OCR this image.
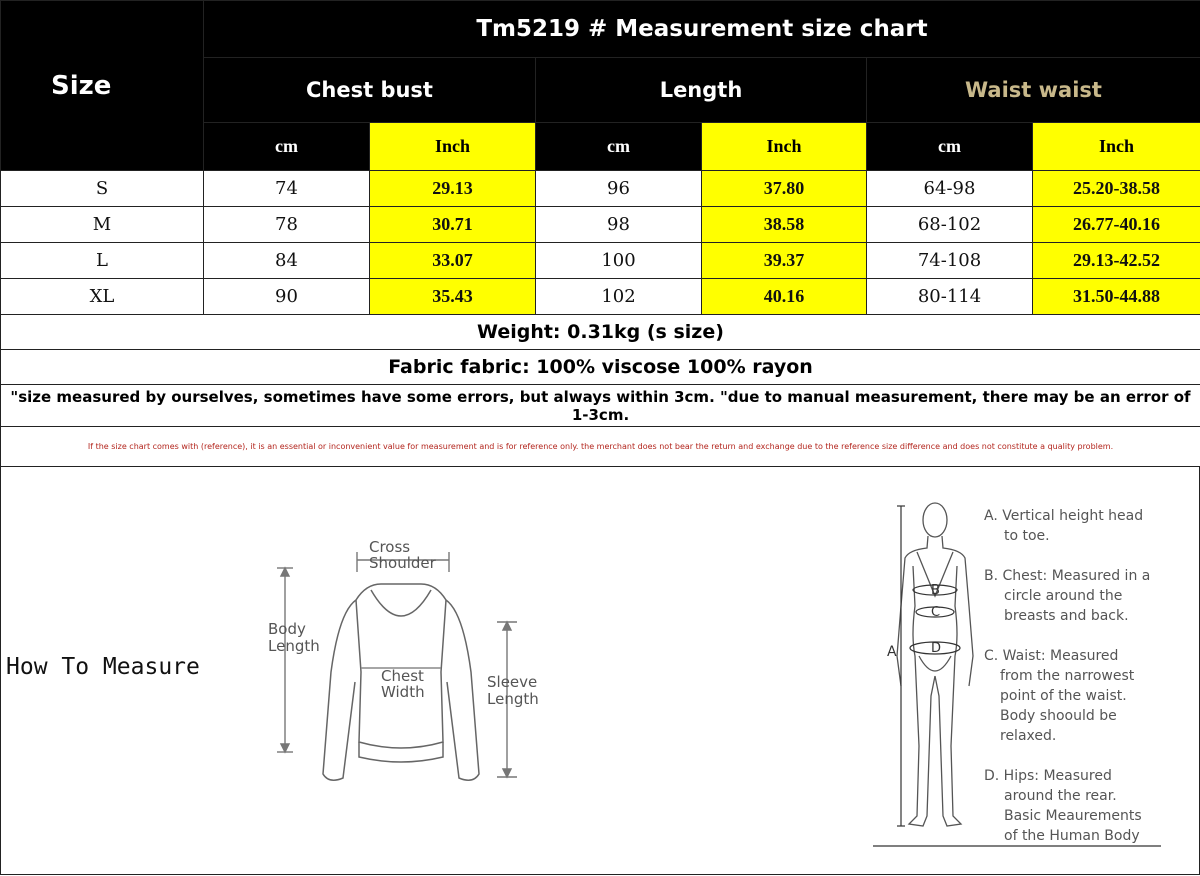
Size	Tm5219 # Measurement size chart					
	Chest bust		Length		Waist waist	
	cm	Inch	cm	Inch	cm	Inch
S	74	29.13	96	37.80	64-98	25.20-38.58
M	78	30.71	98	38.58	68-102	26.77-40.16
L	84	33.07	100	39.37	74-108	29.13-42.52
XL	90	35.43	102	40.16	80-114	31.50-44.88
Weight: 0.31kg (s size)						
Fabric fabric: 100% viscose 100% rayon						
"size measured by ourselves, sometimes have some errors, but always within 3cm. "due to manual measurement, there may be an error of 1-3cm.						
If the size chart comes with (reference), it is an essential or inconvenient value for measurement and is for reference only. the merchant does not bear the return and exchange due to the reference size difference and does not constitute a quality problem.						
How To Measure
Cross
Shoulder
Body
Length
Chest
Width
Sleeve
Length
A
B
C
D
A. Vertical height head
to toe.
B. Chest: Measured in a
circle around the
breasts and back.
C. Waist: Measured
from the narrowest
point of the waist.
Body shoould be
relaxed.
D. Hips: Measured
around the rear.
Basic Meaurements
of the Human Body
